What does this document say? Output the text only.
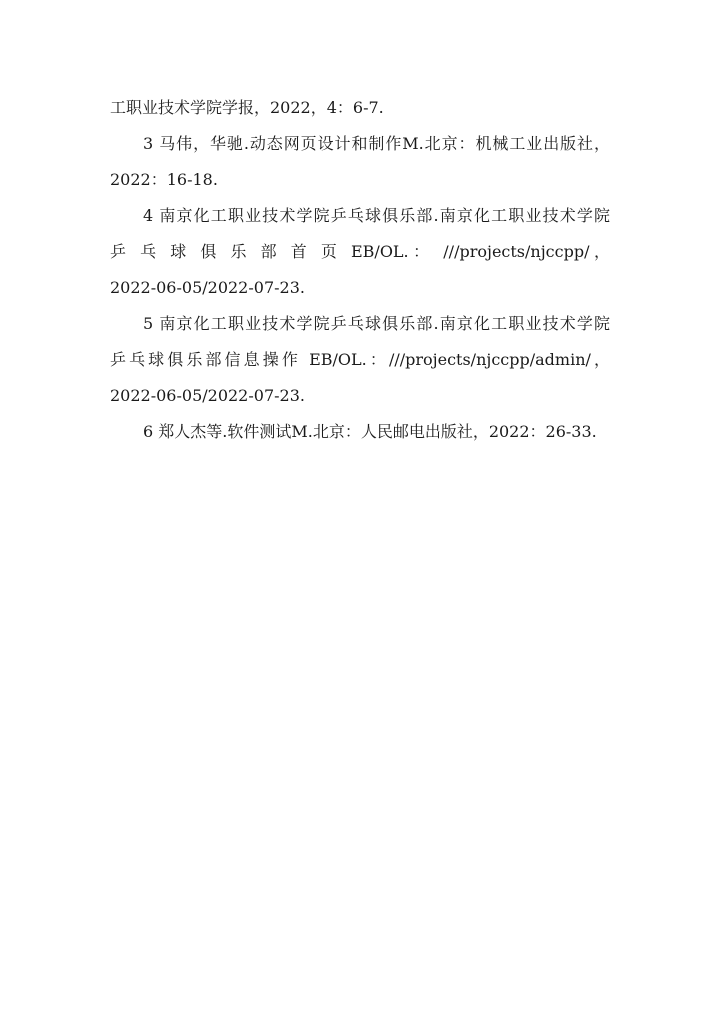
工职业技术学院学报，2022，4：6-7.
3 马伟，华驰.动态网页设计和制作M.北京：机械工业出版社，
2022：16-18.
4 南京化工职业技术学院乒乓球俱乐部.南京化工职业技术学院
乒 乓 球 俱 乐 部 首 页 EB/OL.： ///projects/njccpp/，
2022-06-05/2022-07-23.
5 南京化工职业技术学院乒乓球俱乐部.南京化工职业技术学院
乒乓球俱乐部信息操作 EB/OL.：///projects/njccpp/admin/，
2022-06-05/2022-07-23.
6 郑人杰等.软件测试M.北京：人民邮电出版社，2022：26-33.
